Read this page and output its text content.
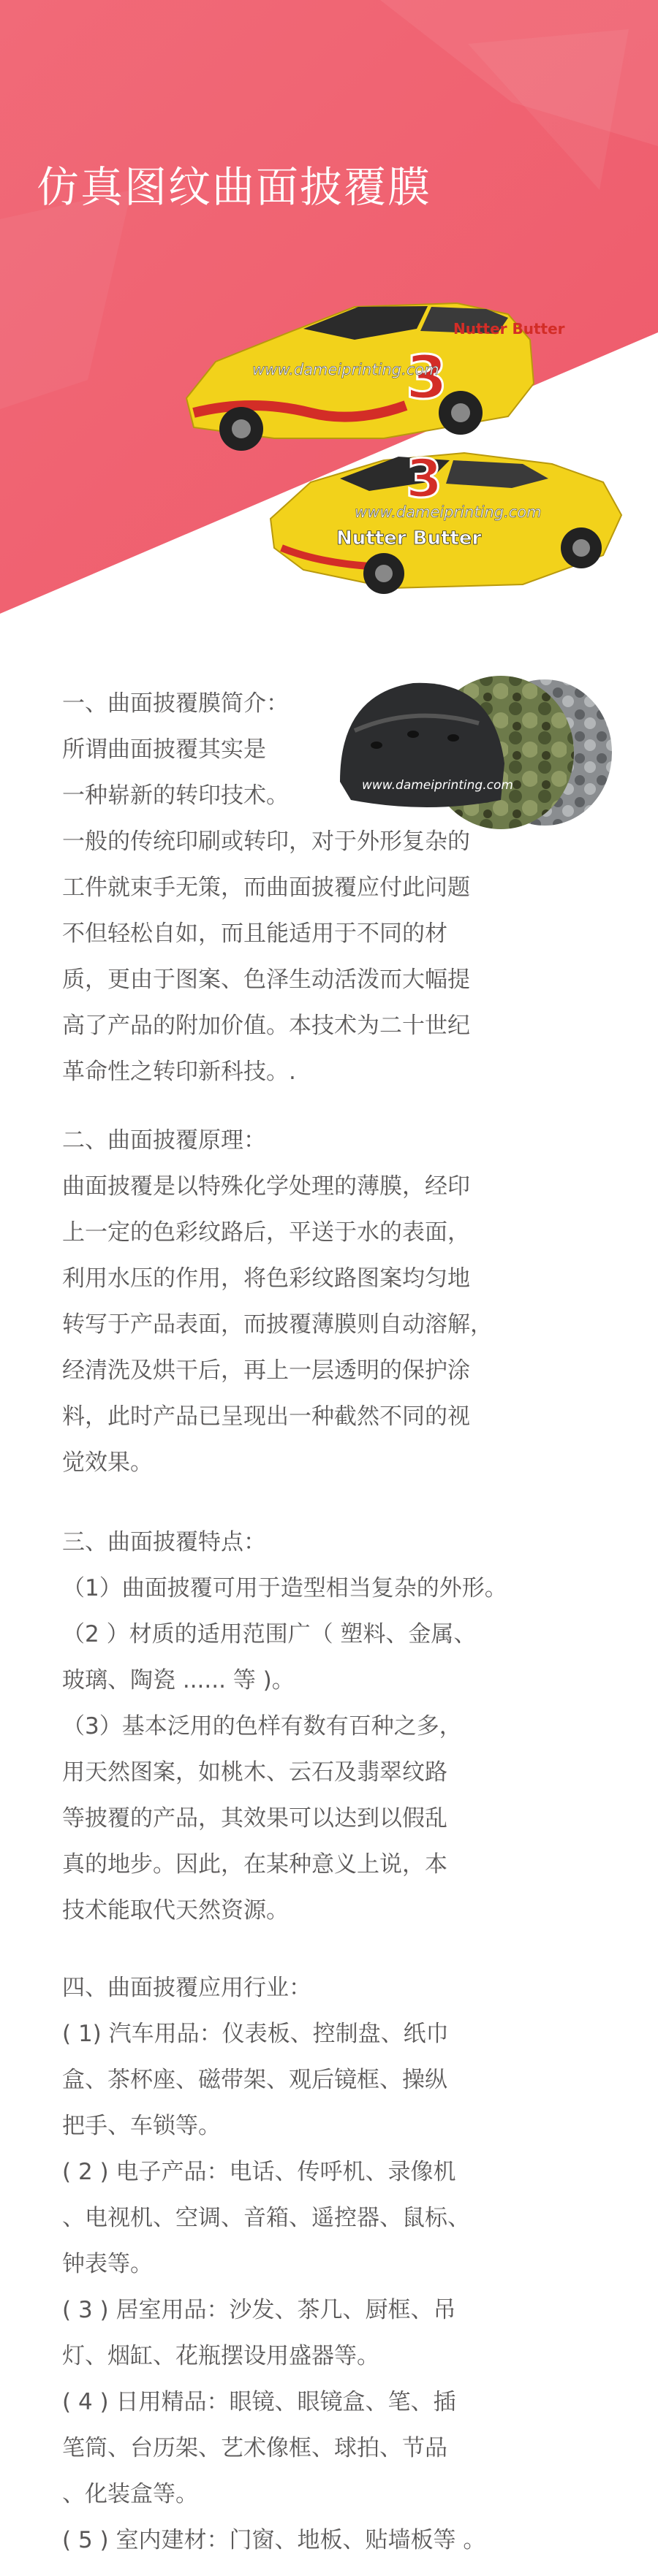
仿真图纹曲面披覆膜
3
Nutter Butter
www.dameiprinting.com
3
Nutter Butter
www.dameiprinting.com
www.dameiprinting.com

一、曲面披覆膜简介：
所谓曲面披覆其实是
一种崭新的转印技术。
一般的传统印刷或转印，对于外形复杂的
工件就束手无策，而曲面披覆应付此问题
不但轻松自如，而且能适用于不同的材
质，更由于图案、色泽生动活泼而大幅提
高了产品的附加价值。本技术为二十世纪
革命性之转印新科技。.

二、曲面披覆原理：
曲面披覆是以特殊化学处理的薄膜，经印
上一定的色彩纹路后，平送于水的表面，
利用水压的作用，将色彩纹路图案均匀地
转写于产品表面，而披覆薄膜则自动溶解，
经清洗及烘干后，再上一层透明的保护涂
料，此时产品已呈现出一种截然不同的视
觉效果。

三、曲面披覆特点：
（1）曲面披覆可用于造型相当复杂的外形。
（2 ）材质的适用范围广（ 塑料、金属、
玻璃、陶瓷 ...... 等 )。
（3）基本泛用的色样有数有百种之多，
用天然图案，如桃木、云石及翡翠纹路
等披覆的产品，其效果可以达到以假乱
真的地步。因此，在某种意义上说，本
技术能取代天然资源。

四、曲面披覆应用行业：
( 1) 汽车用品：仪表板、控制盘、纸巾
盒、茶杯座、磁带架、观后镜框、操纵
把手、车锁等。
( 2 ) 电子产品：电话、传呼机、录像机
、电视机、空调、音箱、遥控器、鼠标、
钟表等。
( 3 ) 居室用品：沙发、茶几、厨框、吊
灯、烟缸、花瓶摆设用盛器等。
( 4 ) 日用精品：眼镜、眼镜盒、笔、插
笔筒、台历架、艺术像框、球拍、节品
、化装盒等。
( 5 ) 室内建材：门窗、地板、贴墙板等 。
